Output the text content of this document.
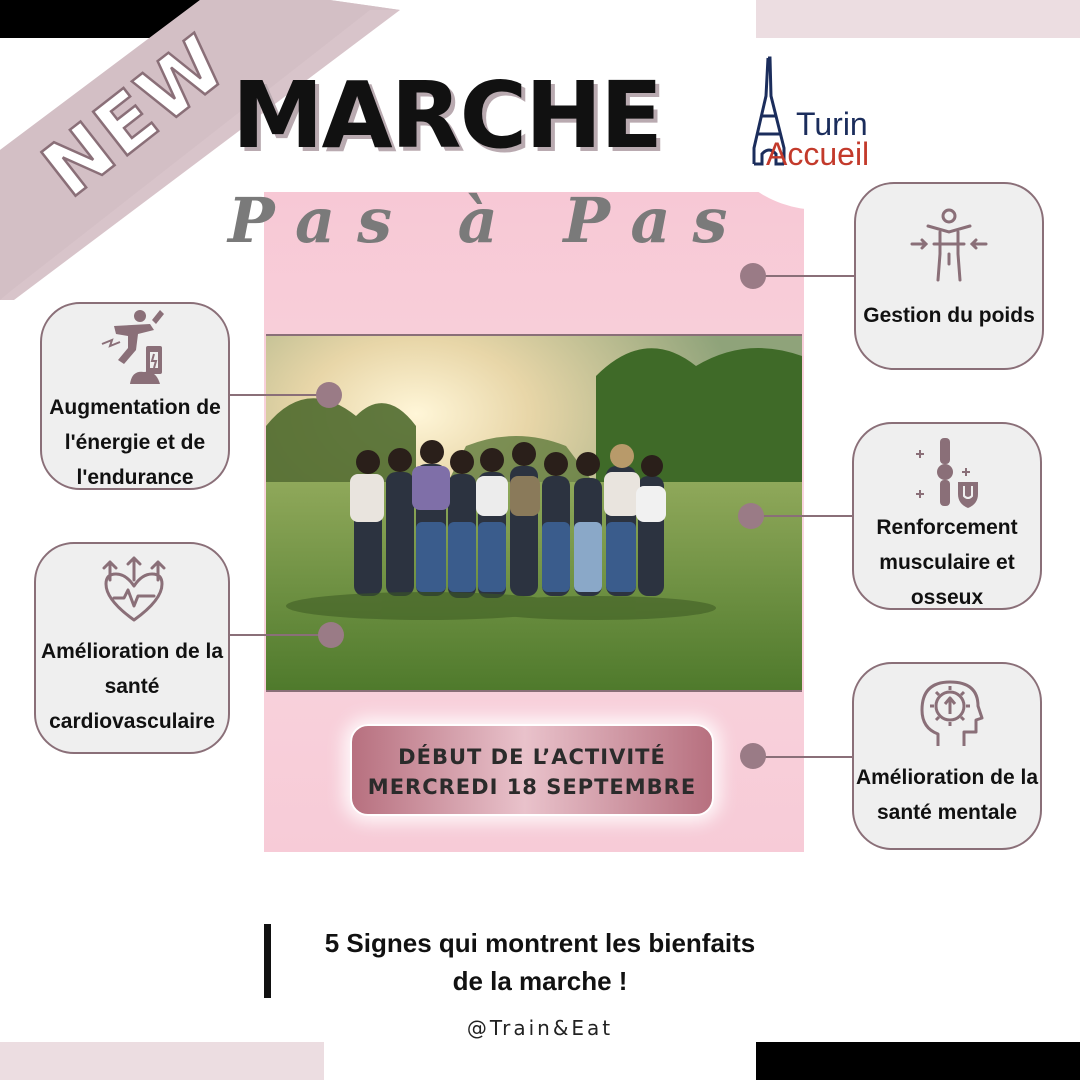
NEW
MARCHE
Pas à Pas
Turin
Accueil
Gestion du poids
Augmentation de
l'énergie et de
l'endurance
Renforcement
musculaire et
osseux
Amélioration de la
santé
cardiovasculaire
Amélioration de la
santé mentale
DÉBUT DE L’ACTIVITÉ
MERCREDI 18 SEPTEMBRE
5 Signes qui montrent les bienfaits
de la marche !
@Train&Eat
